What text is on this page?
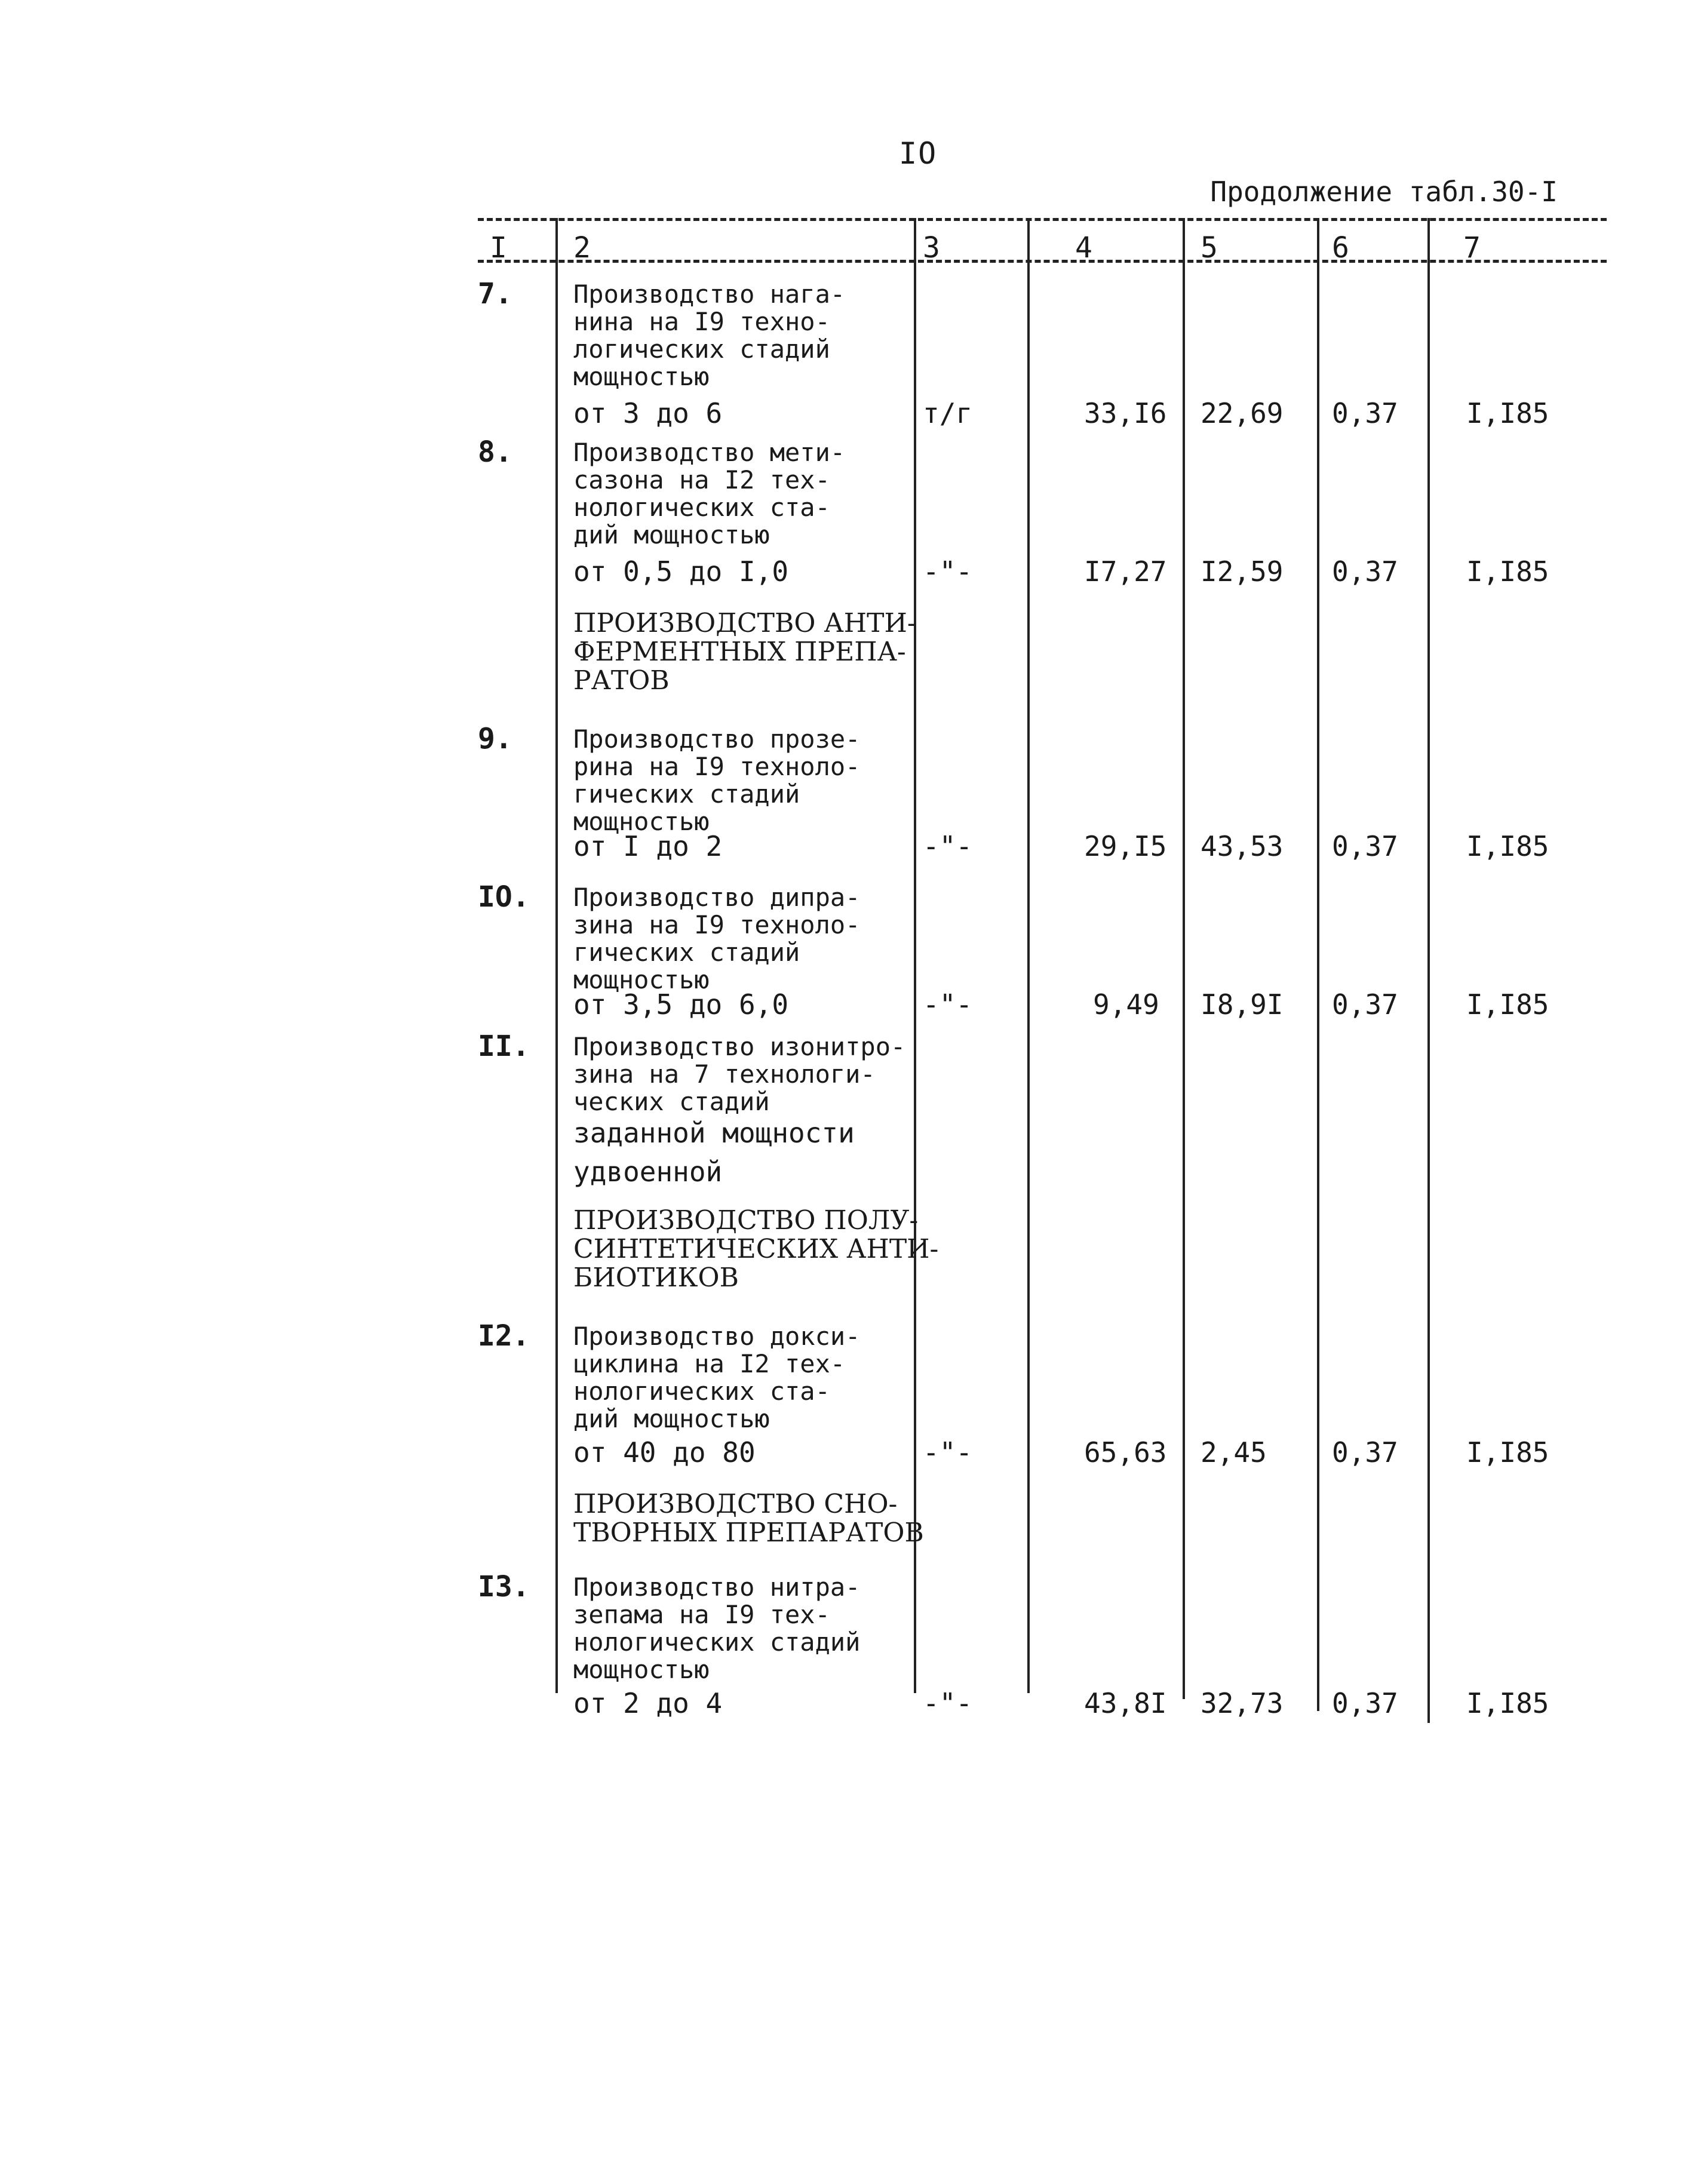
IO
Продолжение табл.30-I
I 2	3	4	5	6	7
7.	Производство нага-
нина на I9 техно-
логических стадий
мощностью
от 3 до 6	т/г	33,I6 22,69 0,37 I,I85
8.	Производство мети-
сазона на I2 тех-
нологических ста-
дий мощностью
от 0,5 до I,0	-"-	I7,27 I2,59 0,37 I,I85
ПРОИЗВОДСТВО АНТИ-
ФЕРМЕНТНЫХ ПРЕПА-
РАТОВ
9.	Производство прозе-
рина на I9 техноло-
гических стадий
мощностью
от I до 2	-"-	29,I5 43,53 0,37 I,I85
IO.	Производство дипра-
зина на I9 техноло-
гических стадий
мощностью
от 3,5 до 6,0	-"-	9,49 I8,9I 0,37 I,I85
II.	Производство изонитро-
зина на 7 технологи-
ческих стадий
заданной мощности
удвоенной
ПРОИЗВОДСТВО ПОЛУ-
СИНТЕТИЧЕСКИХ АНТИ-
БИОТИКОВ
I2.	Производство докси-
циклина на I2 тех-
нологических ста-
дий мощностью
от 40 до 80	-"-	65,63 2,45 0,37 I,I85
ПРОИЗВОДСТВО СНО-
ТВОРНЫХ ПРЕПАРАТОВ
I3.	Производство нитра-
зепама на I9 тех-
нологических стадий
мощностью
от 2 до 4	-"-	43,8I 32,73 0,37 I,I85
